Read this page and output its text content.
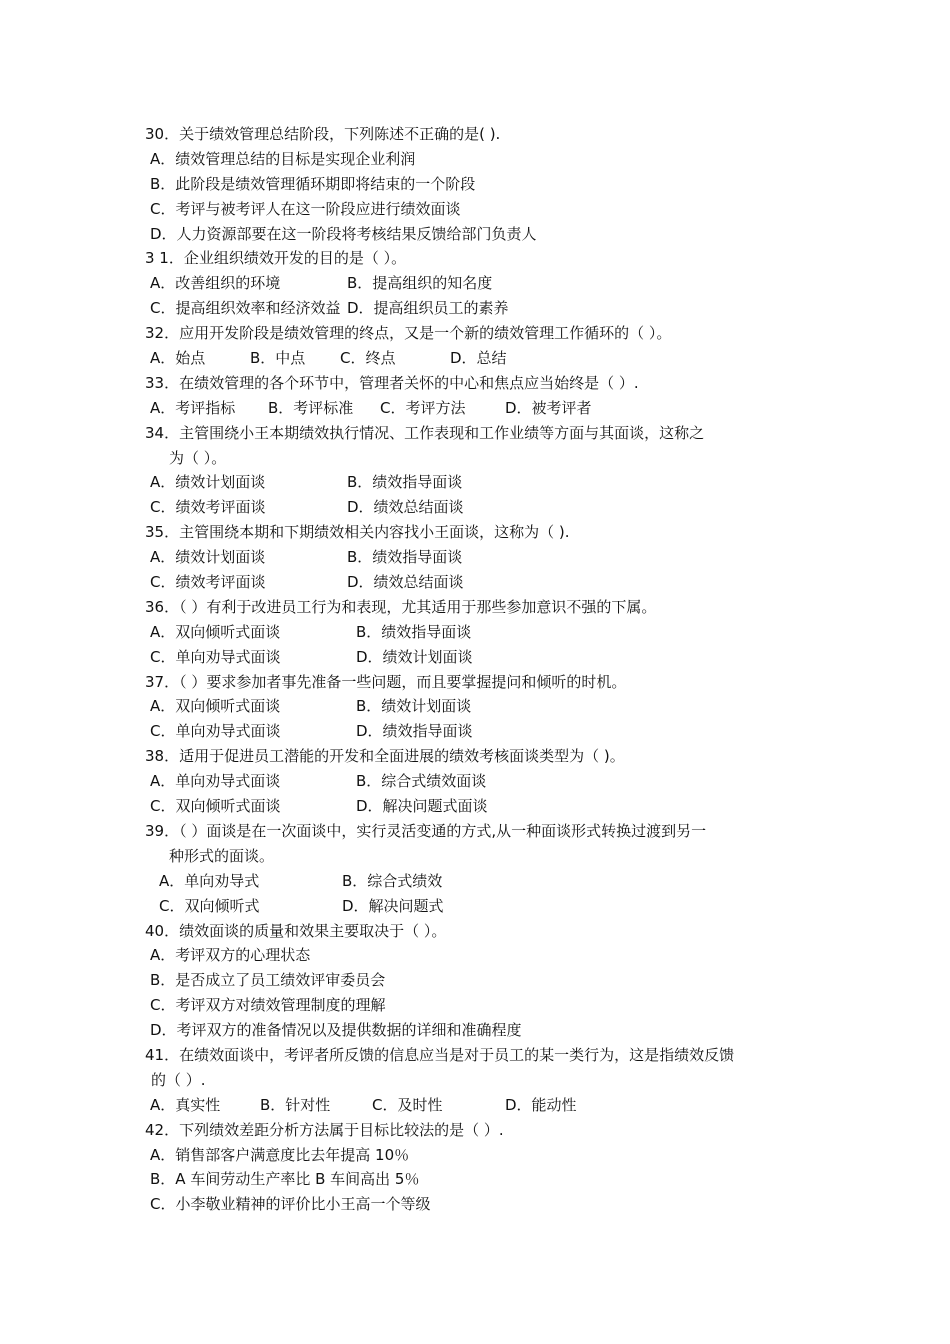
30．关于绩效管理总结阶段，下列陈述不正确的是( ).
A．绩效管理总结的目标是实现企业利润
B．此阶段是绩效管理循环期即将结束的一个阶段
C．考评与被考评人在这一阶段应进行绩效面谈
D．人力资源部要在这一阶段将考核结果反馈给部门负责人
3 1．企业组织绩效开发的目的是（ ）。
A．改善组织的环境	B．提高组织的知名度
C．提高组织效率和经济效益 D．提高组织员工的素养
32．应用开发阶段是绩效管理的终点，又是一个新的绩效管理工作循环的（ ）。
A．始点	B．中点 C．终点	D．总结
33．在绩效管理的各个环节中，管理者关怀的中心和焦点应当始终是（ ）.
A．考评指标 B．考评标准 C．考评方法	D．被考评者
34．主管围绕小王本期绩效执行情况、工作表现和工作业绩等方面与其面谈，这称之
为（ ）。
A．绩效计划面谈	B．绩效指导面谈
C．绩效考评面谈	D．绩效总结面谈
35．主管围绕本期和下期绩效相关内容找小王面谈，这称为（ ).
A．绩效计划面谈	B．绩效指导面谈
C．绩效考评面谈	D．绩效总结面谈
36．（ ）有利于改进员工行为和表现，尤其适用于那些参加意识不强的下属。
A．双向倾听式面谈	B．绩效指导面谈
C．单向劝导式面谈	D．绩效计划面谈
37．（ ）要求参加者事先准备一些问题，而且要掌握提问和倾听的时机。
A．双向倾听式面谈	B．绩效计划面谈
C．单向劝导式面谈	D．绩效指导面谈
38．适用于促进员工潜能的开发和全面进展的绩效考核面谈类型为（ )。
A．单向劝导式面谈	B．综合式绩效面谈
C．双向倾听式面谈	D．解决问题式面谈
39．（ ）面谈是在一次面谈中，实行灵活变通的方式,从一种面谈形式转换过渡到另一
种形式的面谈。
A．单向劝导式	B．综合式绩效
C．双向倾听式	D．解决问题式
40．绩效面谈的质量和效果主要取决于（ ）。
A．考评双方的心理状态
B．是否成立了员工绩效评审委员会
C．考评双方对绩效管理制度的理解
D．考评双方的准备情况以及提供数据的详细和准确程度
41．在绩效面谈中，考评者所反馈的信息应当是对于员工的某一类行为，这是指绩效反馈
的（ ）.
A．真实性	B．针对性	C．及时性	D．能动性
42．下列绩效差距分析方法属于目标比较法的是（ ）.
A．销售部客户满意度比去年提高 10％
B．A 车间劳动生产率比 B 车间高出 5％
C．小李敬业精神的评价比小王高一个等级
